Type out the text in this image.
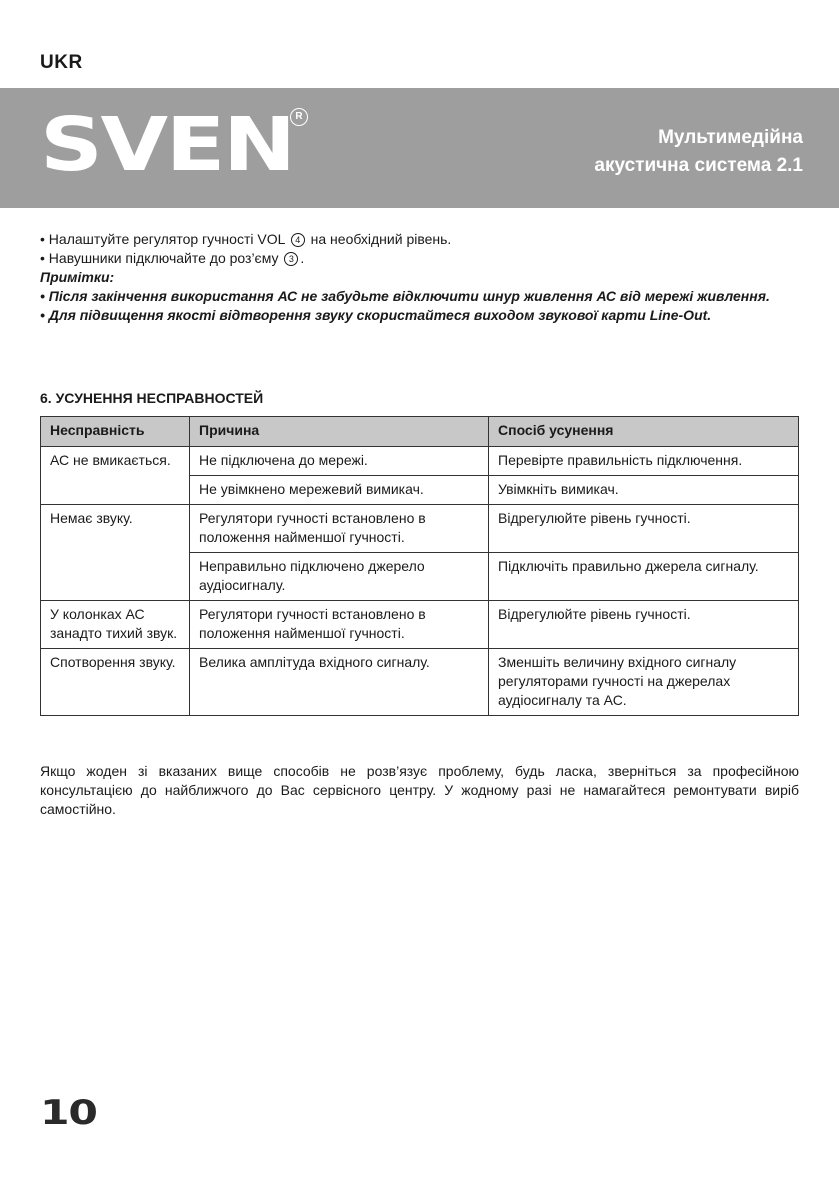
UKR
SVEN R
Мультимедійна
акустична система 2.1

• Налаштуйте регулятор гучності VOL 4 на необхідний рівень.

• Навушники підключайте до роз’єму 3 .

Примітки:

• Після закінчення використання АС не забудьте відключити шнур живлення АС від мережі живлення.

• Для підвищення якості відтворення звуку скористайтеся виходом звукової карти Line-Out.

6. УСУНЕННЯ НЕСПРАВНОСТЕЙ
Несправність	Причина	Спосіб усунення
АС не вмикається.	Не підключена до мережі.	Перевірте правильність підключення.
	Не увімкнено мережевий вимикач.	Увімкніть вимикач.
Немає звуку.	Регулятори гучності встановлено в положення найменшої гучності.	Відрегулюйте рівень гучності.
	Неправильно підключено джерело аудіосигналу.	Підключіть правильно джерела сигналу.
У колонках АС занадто тихий звук.	Регулятори гучності встановлено в положення найменшої гучності.	Відрегулюйте рівень гучності.
Спотворення звуку.	Велика амплітуда вхідного сигналу.	Зменшіть величину вхідного сигналу регуляторами гучності на джерелах аудіосигналу та АС.
Якщо жоден зі вказаних вище способів не розв’язує проблему, будь ласка, зверніться за професійною консультацією до найближчого до Вас сервісного центру. У жодному разі не намагайтеся ремонтувати виріб самостійно.
10
